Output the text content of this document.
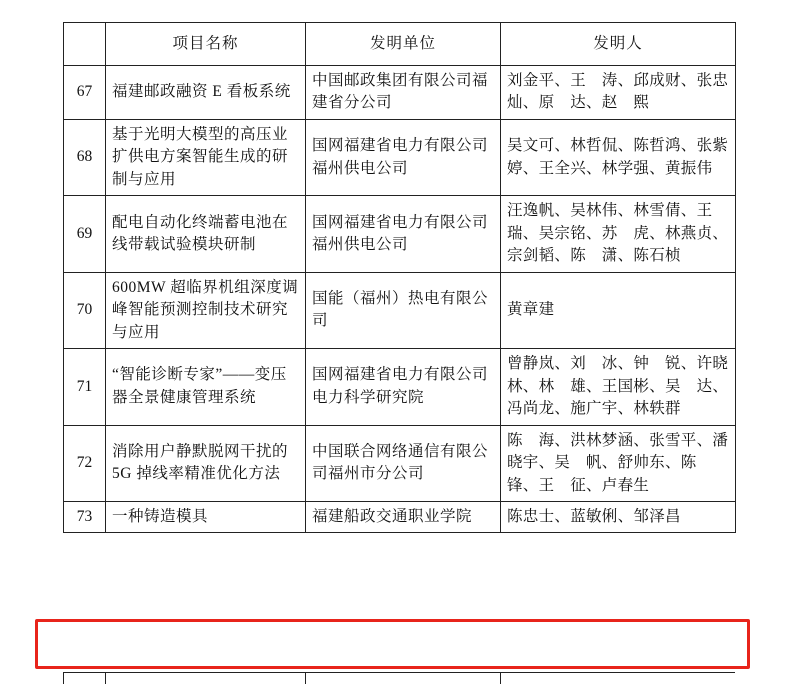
	项目名称	发明单位	发明人
67	福建邮政融资 E 看板系统	中国邮政集团有限公司福建省分公司	刘金平、王　涛、邱成财、张忠灿、原　达、赵　熙
68	基于光明大模型的高压业扩供电方案智能生成的研制与应用	国网福建省电力有限公司福州供电公司	吴文可、林哲侃、陈哲鸿、张紫婷、王全兴、林学强、黄振伟
69	配电自动化终端蓄电池在线带载试验模块研制	国网福建省电力有限公司福州供电公司	汪逸帆、吴林伟、林雪倩、王　瑞、吴宗铭、苏　虎、林燕贞、宗剑韬、陈　潇、陈石桢
70	600MW 超临界机组深度调峰智能预测控制技术研究与应用	国能（福州）热电有限公司	黄章建
71	“智能诊断专家”——变压器全景健康管理系统	国网福建省电力有限公司电力科学研究院	曾静岚、刘　冰、钟　锐、许晓林、林　雄、王国彬、吴　达、冯尚龙、施广宇、林轶群
72	消除用户静默脱网干扰的 5G 掉线率精准优化方法	中国联合网络通信有限公司福州市分公司	陈　海、洪林梦涵、张雪平、潘晓宇、吴　帆、舒帅东、陈　锋、王　征、卢春生
73	一种铸造模具	福建船政交通职业学院	陈忠士、蓝敏俐、邹泽昌
